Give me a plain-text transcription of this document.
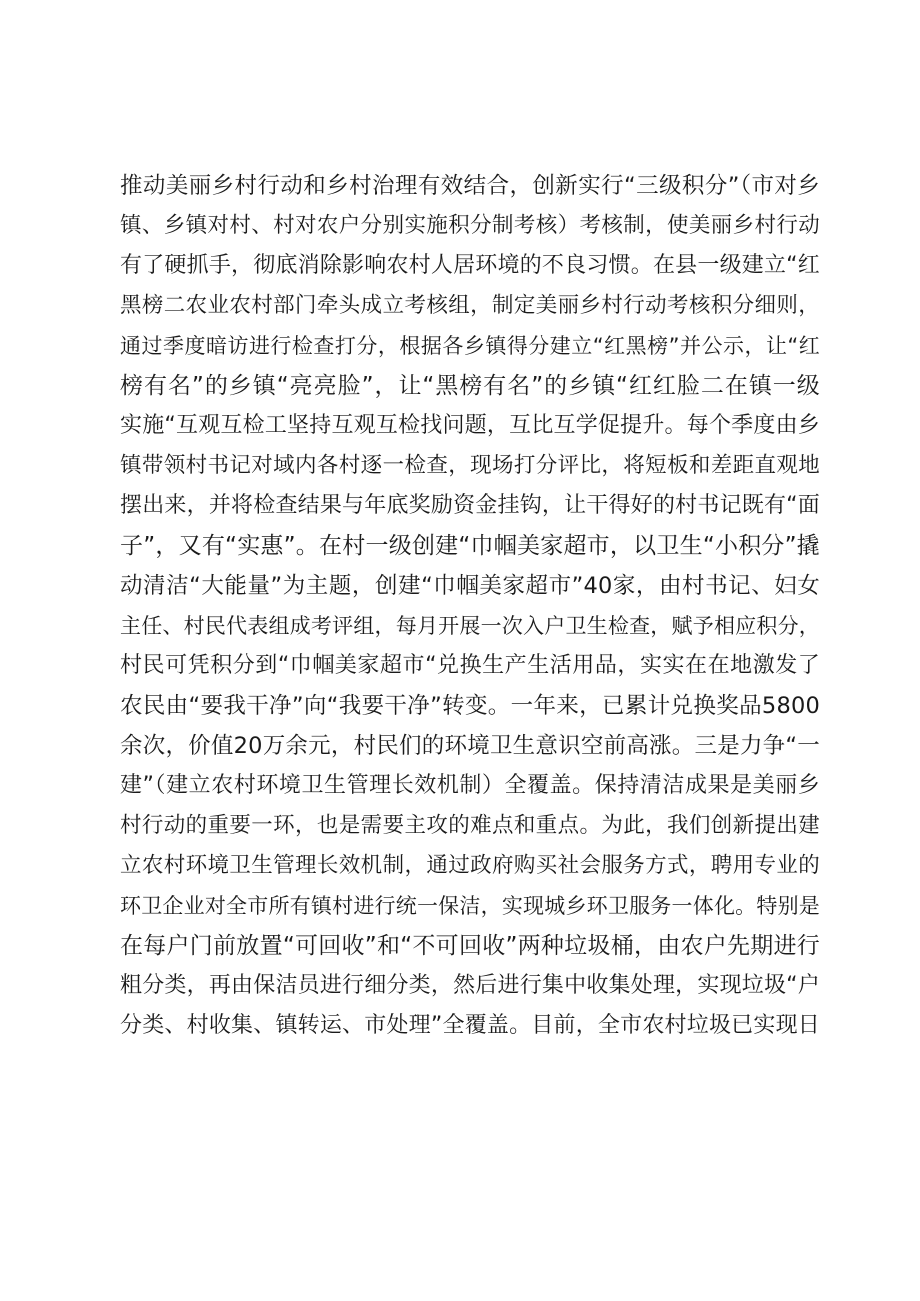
推动美丽乡村行动和乡村治理有效结合，创新实行“三级积分”（市对乡
镇、乡镇对村、村对农户分别实施积分制考核）考核制，使美丽乡村行动
有了硬抓手，彻底消除影响农村人居环境的不良习惯。在县一级建立“红
黑榜二农业农村部门牵头成立考核组，制定美丽乡村行动考核积分细则，
通过季度暗访进行检查打分，根据各乡镇得分建立“红黑榜”并公示，让“红
榜有名”的乡镇“亮亮脸”，让“黑榜有名”的乡镇“红红脸二在镇一级
实施“互观互检工坚持互观互检找问题，互比互学促提升。每个季度由乡
镇带领村书记对域内各村逐一检查，现场打分评比，将短板和差距直观地
摆出来，并将检查结果与年底奖励资金挂钩，让干得好的村书记既有“面
子”，又有“实惠”。在村一级创建“巾帼美家超市，以卫生“小积分”撬
动清洁“大能量”为主题，创建“巾帼美家超市”40家，由村书记、妇女
主任、村民代表组成考评组，每月开展一次入户卫生检查，赋予相应积分，
村民可凭积分到“巾帼美家超市“兑换生产生活用品，实实在在地激发了
农民由“要我干净”向“我要干净”转变。一年来，已累计兑换奖品5800
余次，价值20万余元，村民们的环境卫生意识空前高涨。三是力争“一
建”（建立农村环境卫生管理长效机制）全覆盖。保持清洁成果是美丽乡
村行动的重要一环，也是需要主攻的难点和重点。为此，我们创新提出建
立农村环境卫生管理长效机制，通过政府购买社会服务方式，聘用专业的
环卫企业对全市所有镇村进行统一保洁，实现城乡环卫服务一体化。特别是
在每户门前放置“可回收”和“不可回收”两种垃圾桶，由农户先期进行
粗分类，再由保洁员进行细分类，然后进行集中收集处理，实现垃圾“户
分类、村收集、镇转运、市处理”全覆盖。目前，全市农村垃圾已实现日
